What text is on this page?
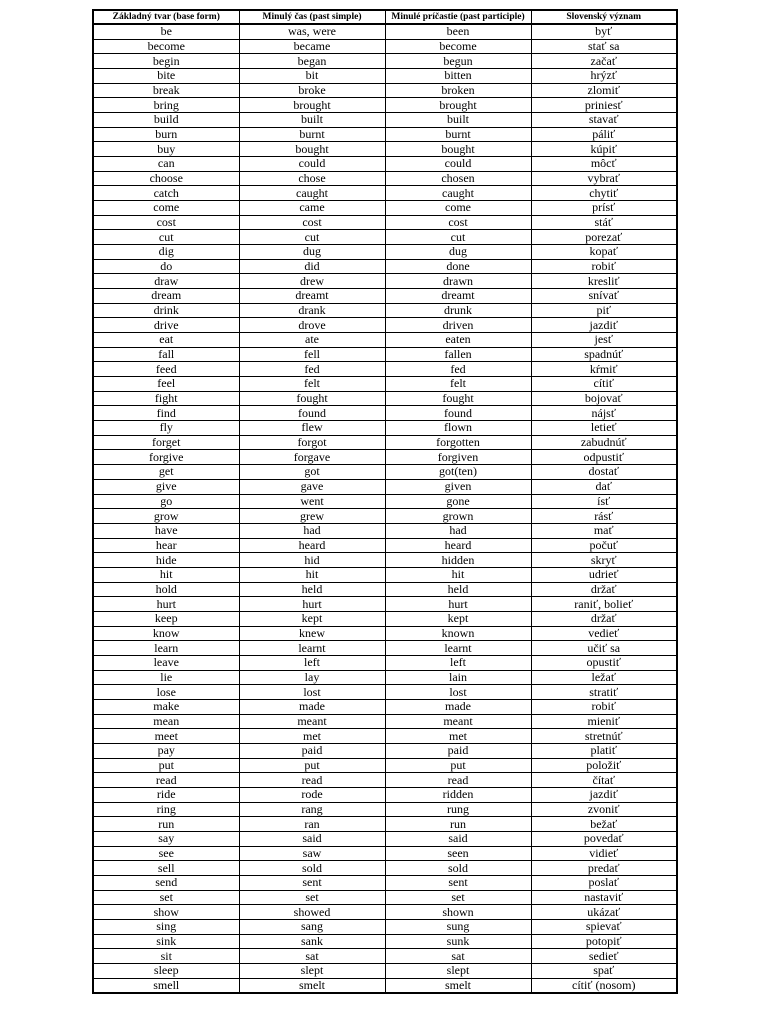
Základný tvar (base form)	Minulý čas (past simple)	Minulé príčastie (past participle)	Slovenský význam
be	was, were	been	byť
become	became	become	stať sa
begin	began	begun	začať
bite	bit	bitten	hrýzť
break	broke	broken	zlomiť
bring	brought	brought	priniesť
build	built	built	stavať
burn	burnt	burnt	páliť
buy	bought	bought	kúpiť
can	could	could	môcť
choose	chose	chosen	vybrať
catch	caught	caught	chytiť
come	came	come	prísť
cost	cost	cost	stáť
cut	cut	cut	porezať
dig	dug	dug	kopať
do	did	done	robiť
draw	drew	drawn	kresliť
dream	dreamt	dreamt	snívať
drink	drank	drunk	piť
drive	drove	driven	jazdiť
eat	ate	eaten	jesť
fall	fell	fallen	spadnúť
feed	fed	fed	kŕmiť
feel	felt	felt	cítiť
fight	fought	fought	bojovať
find	found	found	nájsť
fly	flew	flown	letieť
forget	forgot	forgotten	zabudnúť
forgive	forgave	forgiven	odpustiť
get	got	got(ten)	dostať
give	gave	given	dať
go	went	gone	ísť
grow	grew	grown	rásť
have	had	had	mať
hear	heard	heard	počuť
hide	hid	hidden	skryť
hit	hit	hit	udrieť
hold	held	held	držať
hurt	hurt	hurt	raniť, bolieť
keep	kept	kept	držať
know	knew	known	vedieť
learn	learnt	learnt	učiť sa
leave	left	left	opustiť
lie	lay	lain	ležať
lose	lost	lost	stratiť
make	made	made	robiť
mean	meant	meant	mieniť
meet	met	met	stretnúť
pay	paid	paid	platiť
put	put	put	položiť
read	read	read	čítať
ride	rode	ridden	jazdiť
ring	rang	rung	zvoniť
run	ran	run	bežať
say	said	said	povedať
see	saw	seen	vidieť
sell	sold	sold	predať
send	sent	sent	poslať
set	set	set	nastaviť
show	showed	shown	ukázať
sing	sang	sung	spievať
sink	sank	sunk	potopiť
sit	sat	sat	sedieť
sleep	slept	slept	spať
smell	smelt	smelt	cítiť (nosom)
